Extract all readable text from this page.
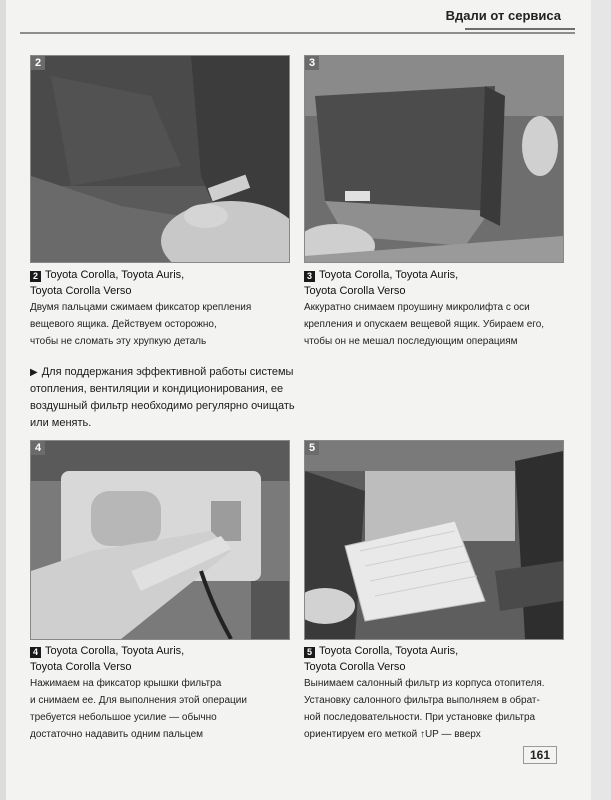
Вдали от сервиса
2	3
2 Toyota Corolla, Toyota Auris,
Toyota Corolla Verso
Двумя пальцами сжимаем фиксатор крепления
вещевого ящика. Действуем осторожно,
чтобы не сломать эту хрупкую деталь
3 Toyota Corolla, Toyota Auris,
Toyota Corolla Verso
Аккуратно снимаем проушину микролифта с оси
крепления и опускаем вещевой ящик. Убираем его,
чтобы он не мешал последующим операциям
▶ Для поддержания эффективной работы системы
отопления, вентиляции и кондиционирования, ее
воздушный фильтр необходимо регулярно очищать
или менять.
4	5
4 Toyota Corolla, Toyota Auris,
Toyota Corolla Verso
Нажимаем на фиксатор крышки фильтра
и снимаем ее. Для выполнения этой операции
требуется небольшое усилие — обычно
достаточно надавить одним пальцем
5 Toyota Corolla, Toyota Auris,
Toyota Corolla Verso
Вынимаем салонный фильтр из корпуса отопителя.
Установку салонного фильтра выполняем в обрат-
ной последовательности. При установке фильтра
ориентируем его меткой ↑UP — вверх
161
